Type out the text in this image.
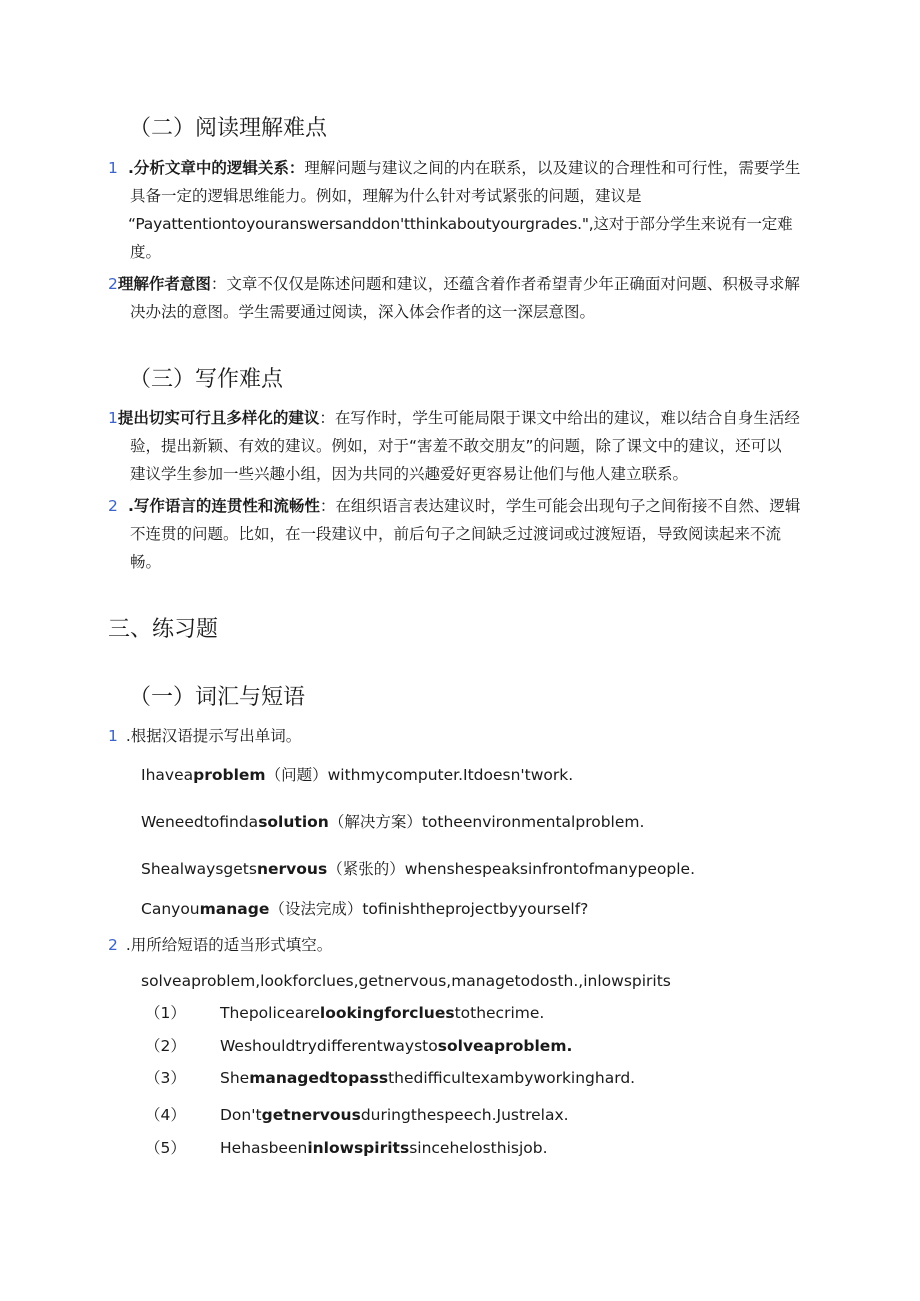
（二）阅读理解难点
1 .分析文章中的逻辑关系：理解问题与建议之间的内在联系，以及建议的合理性和可行性，需要学生
具备一定的逻辑思维能力。例如，理解为什么针对考试紧张的问题，建议是
“Payattentiontoyouranswersanddon'tthinkaboutyourgrades.",这对于部分学生来说有一定难
度。
2理解作者意图：文章不仅仅是陈述问题和建议，还蕴含着作者希望青少年正确面对问题、积极寻求解
决办法的意图。学生需要通过阅读，深入体会作者的这一深层意图。
（三）写作难点
1提出切实可行且多样化的建议：在写作时，学生可能局限于课文中给出的建议，难以结合自身生活经
验，提出新颖、有效的建议。例如，对于“害羞不敢交朋友”的问题，除了课文中的建议，还可以
建议学生参加一些兴趣小组，因为共同的兴趣爱好更容易让他们与他人建立联系。
2 .写作语言的连贯性和流畅性：在组织语言表达建议时，学生可能会出现句子之间衔接不自然、逻辑
不连贯的问题。比如，在一段建议中，前后句子之间缺乏过渡词或过渡短语，导致阅读起来不流
畅。
三、练习题
（一）词汇与短语
1 .根据汉语提示写出单词。
Ihaveaproblem（问题）withmycomputer.Itdoesn'twork.
Weneedtofindasolution（解决方案）totheenvironmentalproblem.
Shealwaysgetsnervous（紧张的）whenshespeaksinfrontofmanypeople.
Canyoumanage（设法完成）tofinishtheprojectbyyourself?
2 .用所给短语的适当形式填空。
solveaproblem,lookforclues,getnervous,managetodosth.,inlowspirits
（1） Thepolicearelookingforcluestothecrime.
（2） Weshouldtrydifferentwaystosolveaproblem.
（3） Shemanagedtopassthedifficultexambyworkinghard.
（4） Don'tgetnervousduringthespeech.Justrelax.
（5） Hehasbeeninlowspiritssincehelosthisjob.
